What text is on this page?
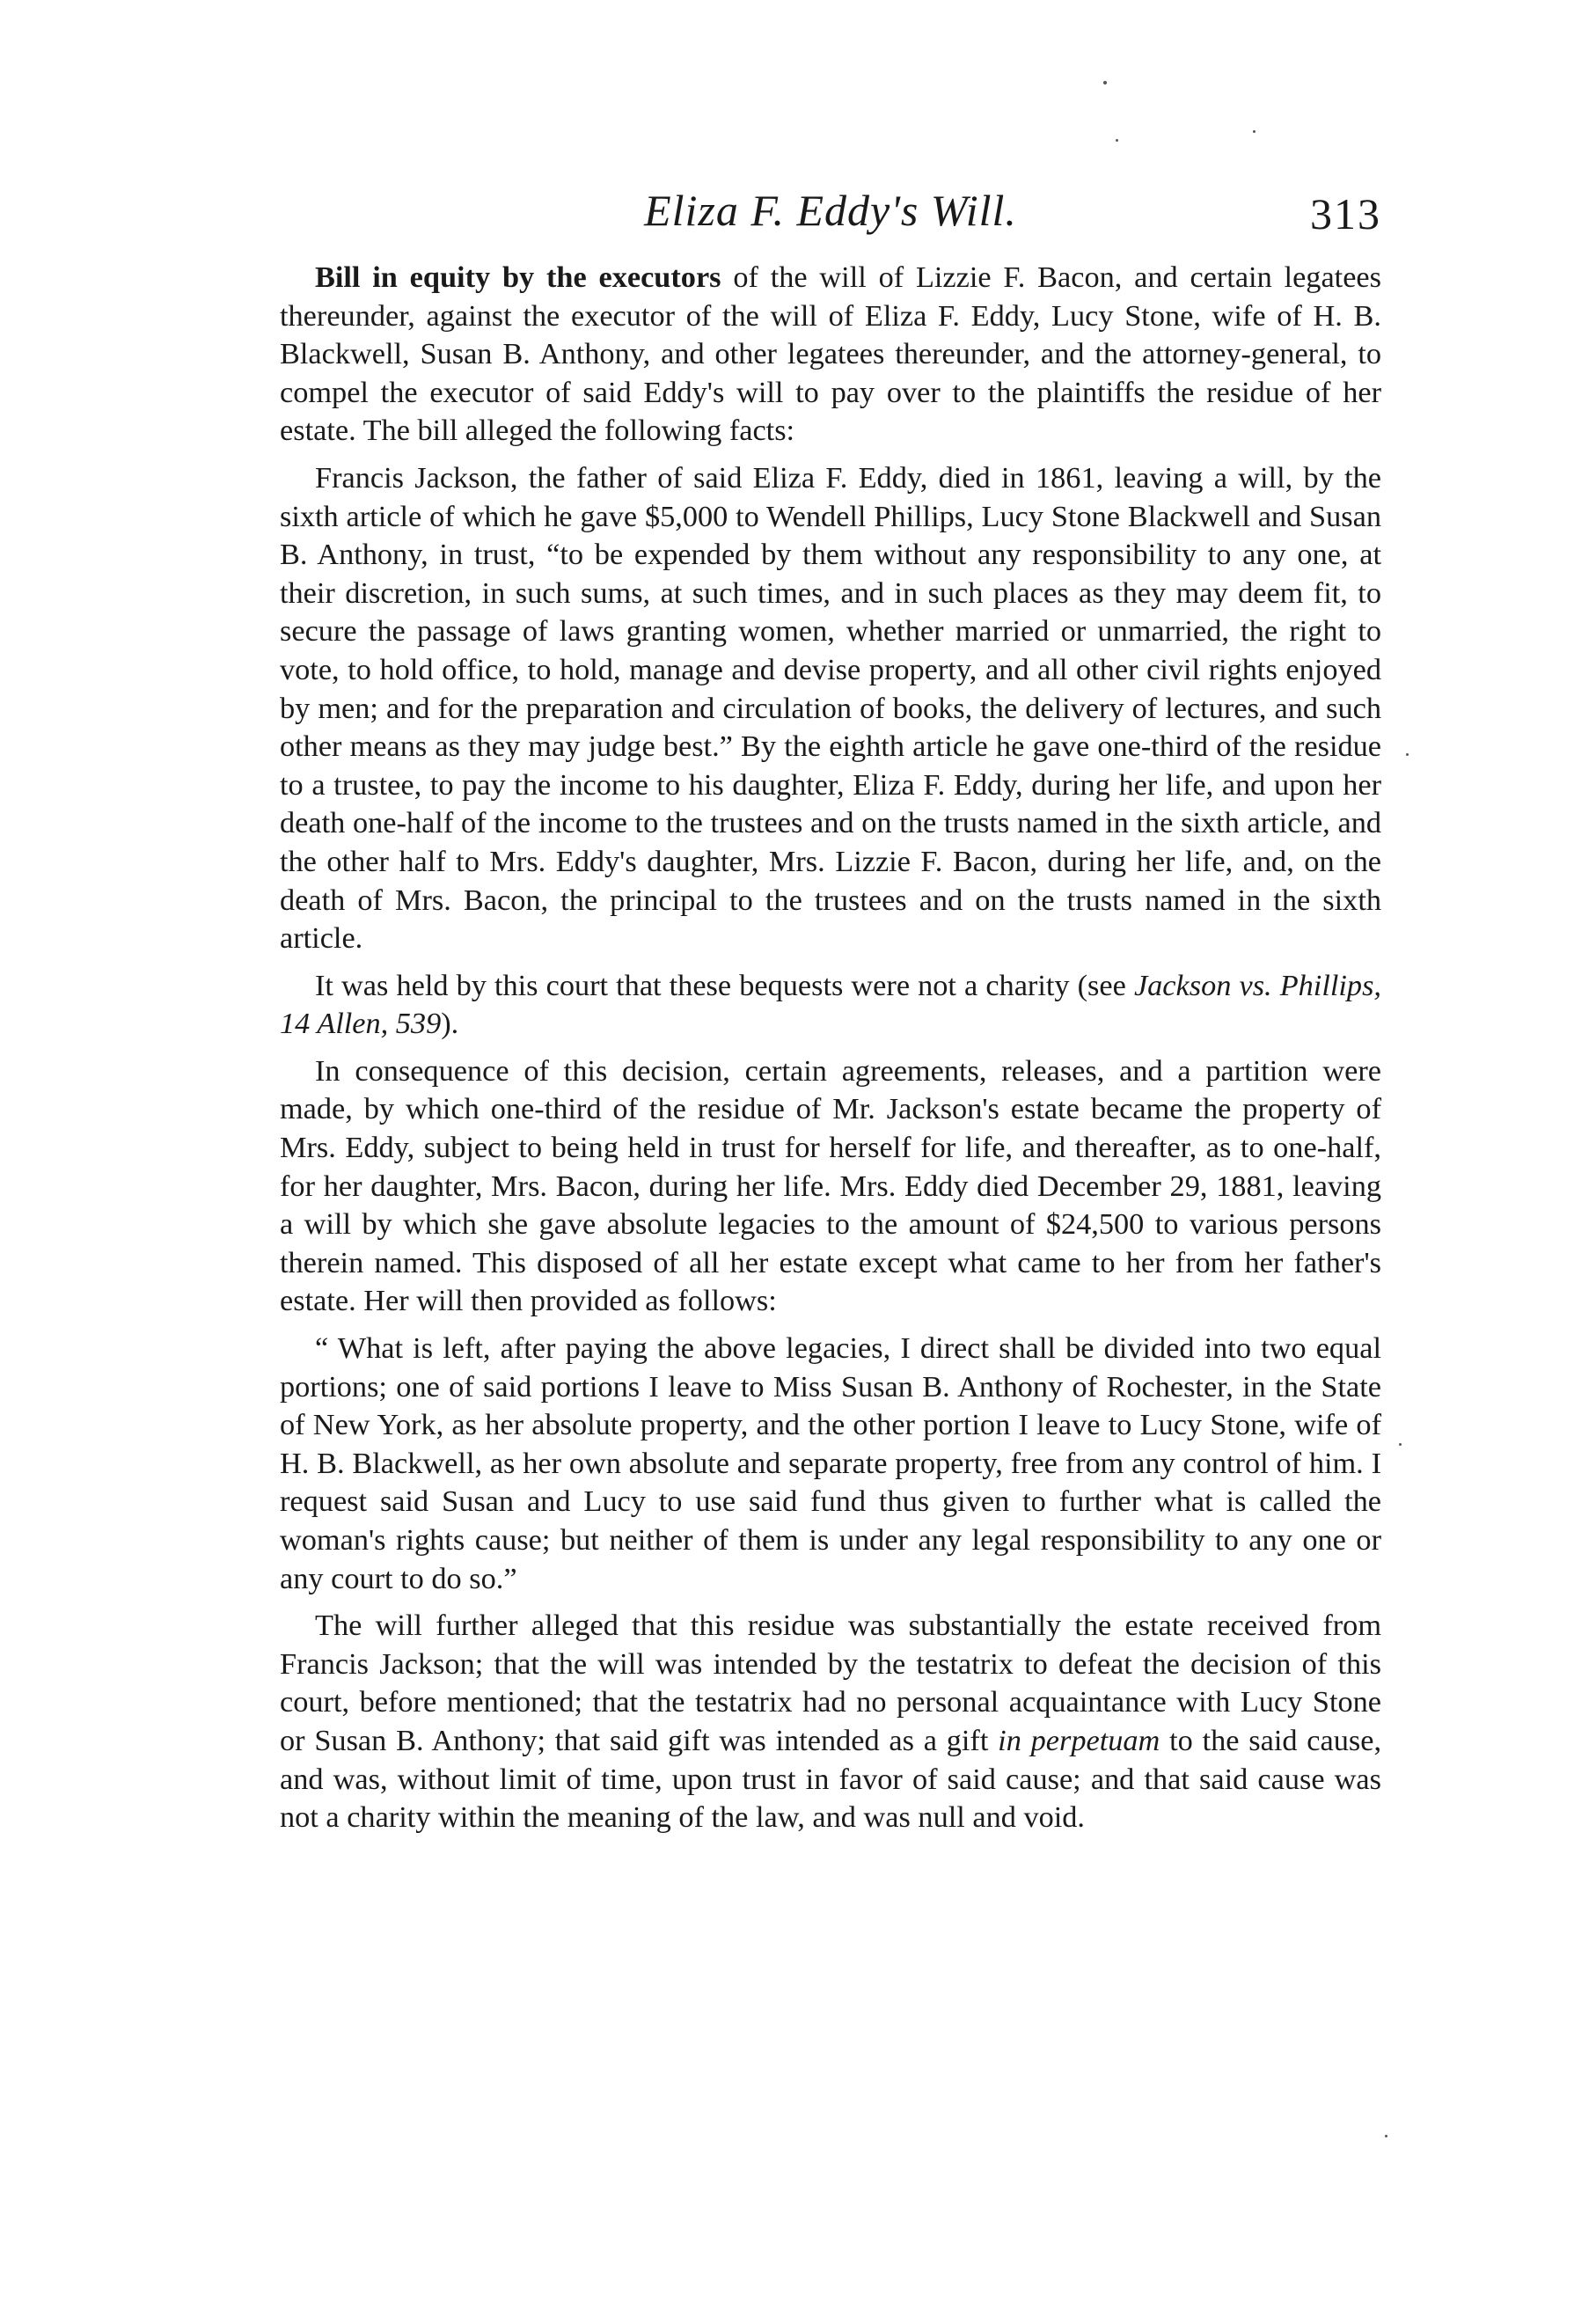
Eliza F. Eddy's Will.	313

Bill in equity by the executors of the will of Lizzie F. Bacon, and certain legatees thereunder, against the executor of the will of Eliza F. Eddy, Lucy Stone, wife of H. B. Blackwell, Susan B. Anthony, and other legatees thereunder, and the attorney-general, to compel the executor of said Eddy's will to pay over to the plaintiffs the residue of her estate. The bill alleged the following facts:

Francis Jackson, the father of said Eliza F. Eddy, died in 1861, leaving a will, by the sixth article of which he gave $5,000 to Wendell Phillips, Lucy Stone Blackwell and Susan B. Anthony, in trust, “to be expended by them without any responsibility to any one, at their discretion, in such sums, at such times, and in such places as they may deem fit, to secure the passage of laws granting women, whether married or unmarried, the right to vote, to hold office, to hold, manage and devise property, and all other civil rights enjoyed by men; and for the preparation and circulation of books, the delivery of lectures, and such other means as they may judge best.” By the eighth article he gave one-third of the residue to a trustee, to pay the income to his daughter, Eliza F. Eddy, during her life, and upon her death one-half of the income to the trustees and on the trusts named in the sixth article, and the other half to Mrs. Eddy's daughter, Mrs. Lizzie F. Bacon, during her life, and, on the death of Mrs. Bacon, the principal to the trustees and on the trusts named in the sixth article.

It was held by this court that these bequests were not a charity (see Jackson vs. Phillips, 14 Allen, 539).

In consequence of this decision, certain agreements, releases, and a partition were made, by which one-third of the residue of Mr. Jackson's estate became the property of Mrs. Eddy, subject to being held in trust for herself for life, and thereafter, as to one-half, for her daughter, Mrs. Bacon, during her life. Mrs. Eddy died December 29, 1881, leaving a will by which she gave absolute legacies to the amount of $24,500 to various persons therein named. This disposed of all her estate except what came to her from her father's estate. Her will then provided as follows:

“ What is left, after paying the above legacies, I direct shall be divided into two equal portions; one of said portions I leave to Miss Susan B. Anthony of Rochester, in the State of New York, as her absolute property, and the other portion I leave to Lucy Stone, wife of H. B. Blackwell, as her own absolute and separate property, free from any control of him. I request said Susan and Lucy to use said fund thus given to further what is called the woman's rights cause; but neither of them is under any legal responsibility to any one or any court to do so.”

The will further alleged that this residue was substantially the estate received from Francis Jackson; that the will was intended by the testatrix to defeat the decision of this court, before mentioned; that the testatrix had no personal acquaintance with Lucy Stone or Susan B. Anthony; that said gift was intended as a gift in perpetuam to the said cause, and was, without limit of time, upon trust in favor of said cause; and that said cause was not a charity within the meaning of the law, and was null and void.
